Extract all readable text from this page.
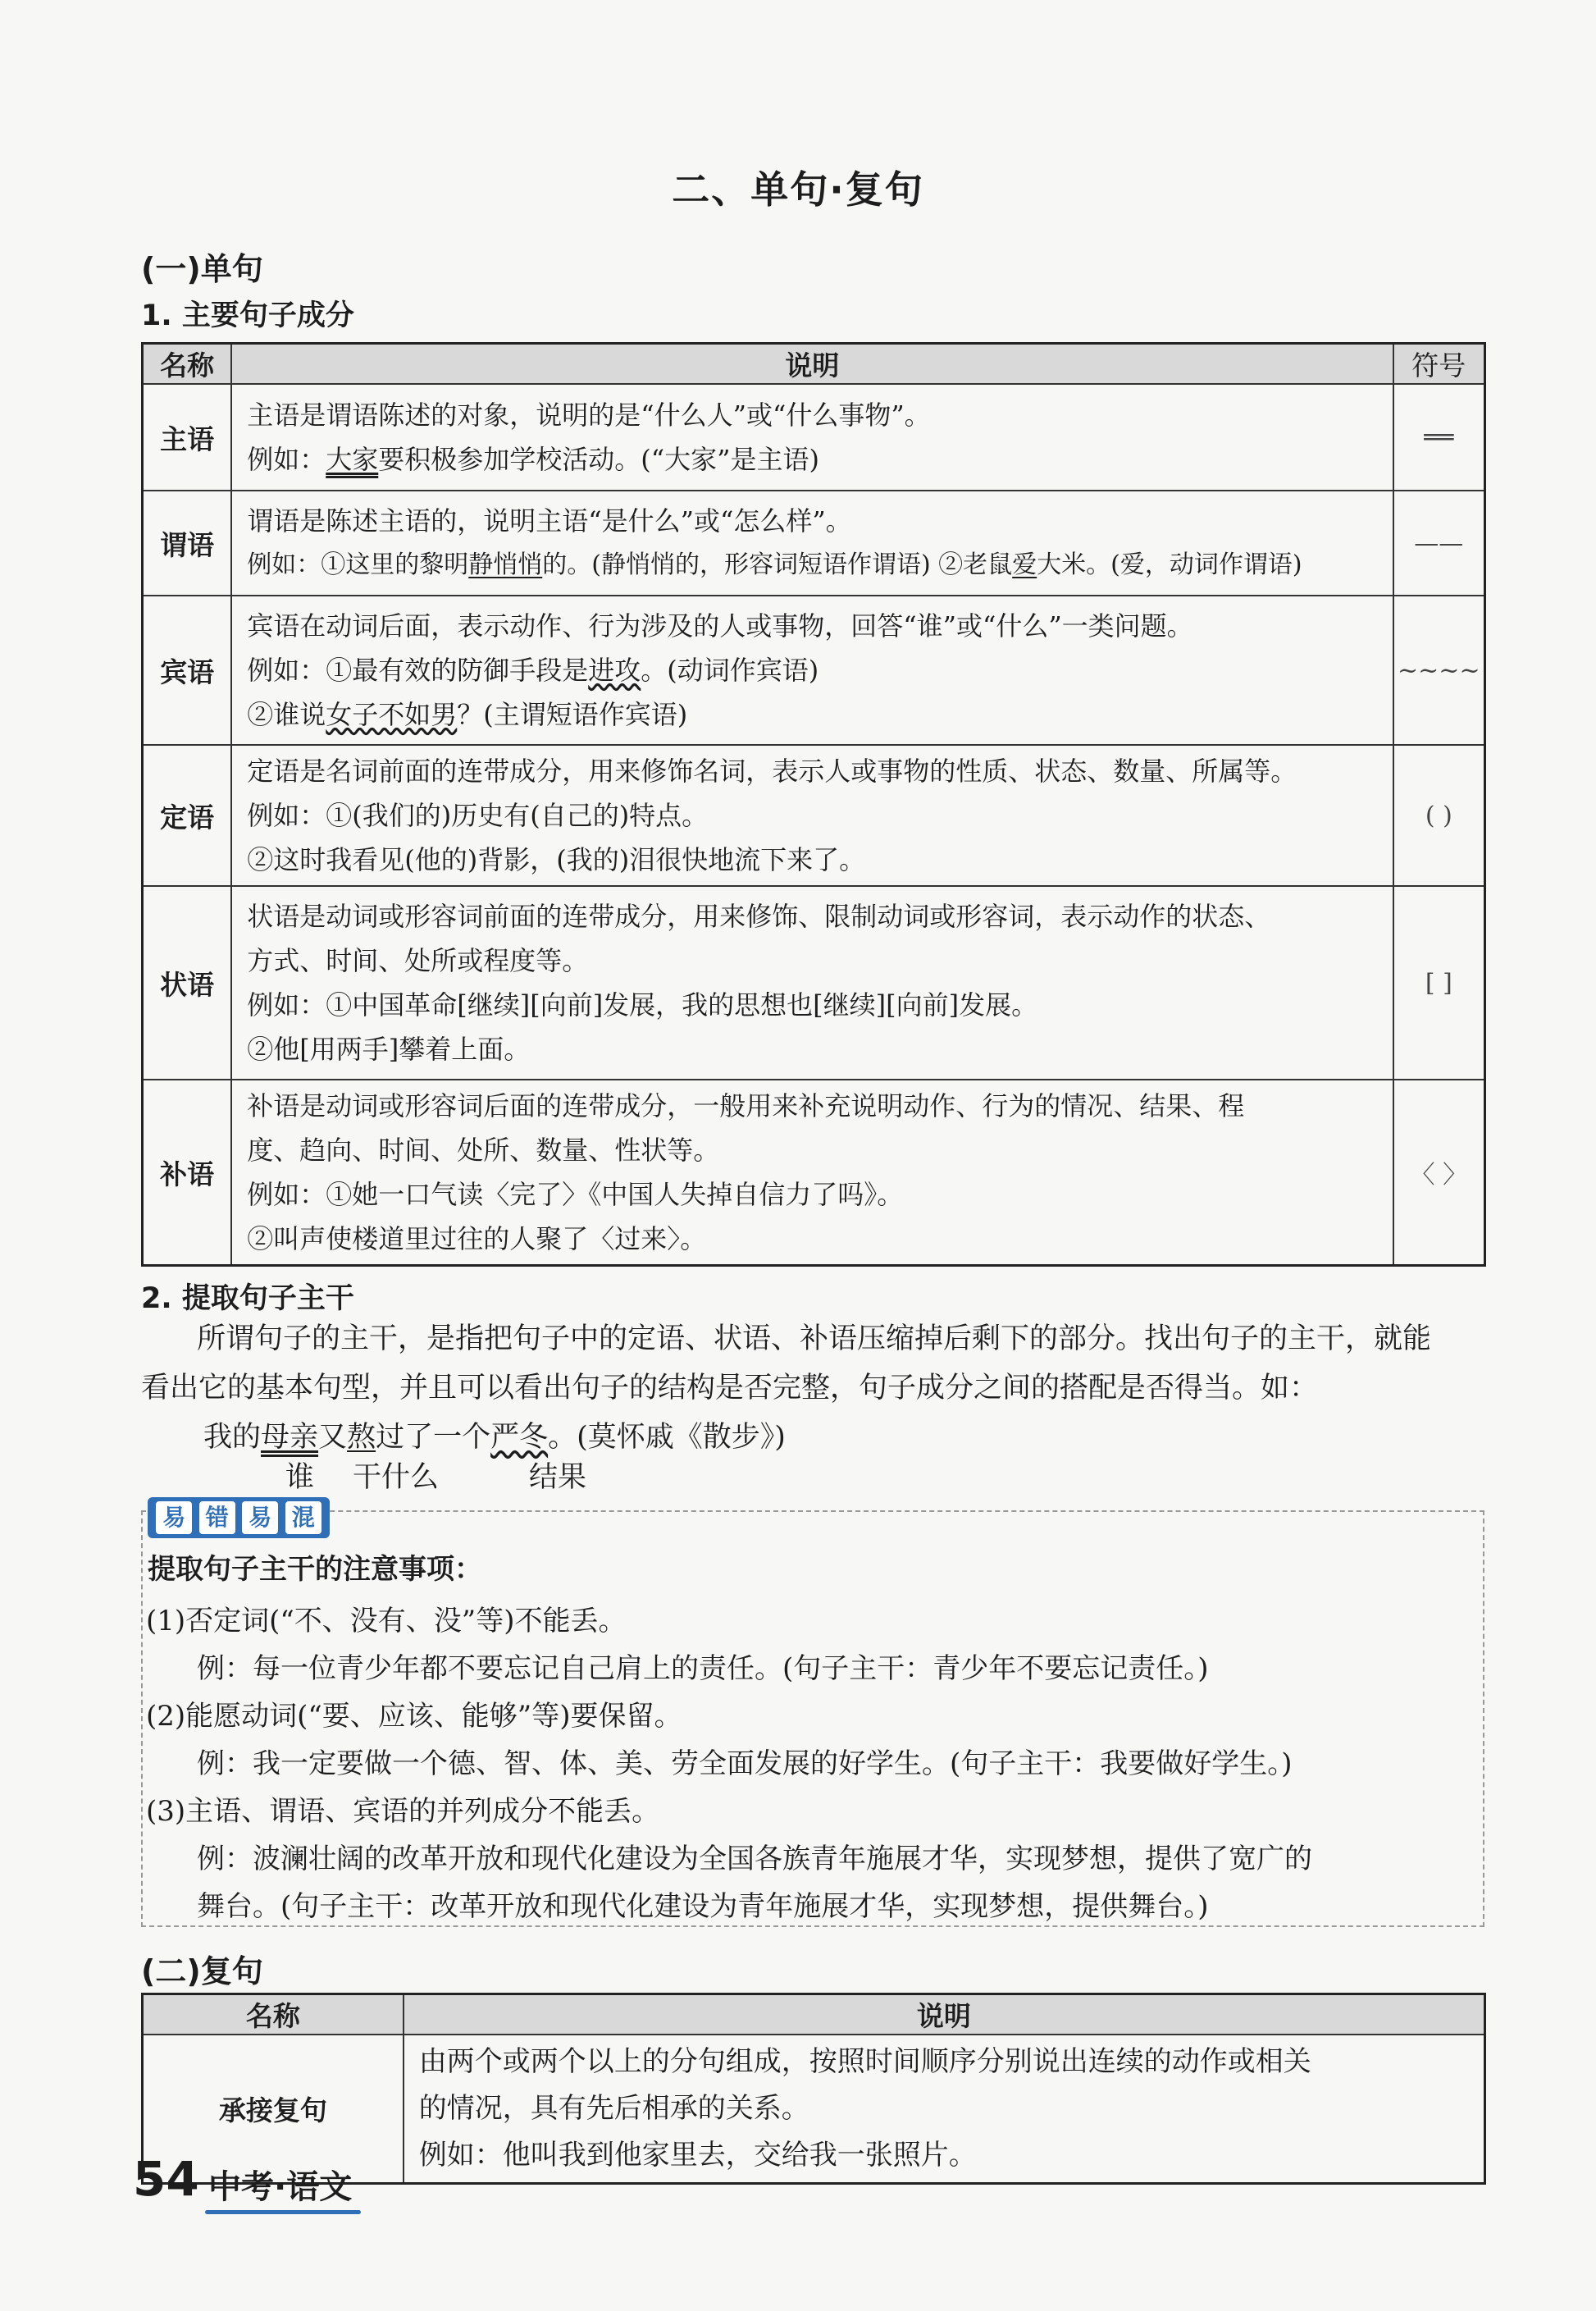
二、单句·复句
(一)单句
1. 主要句子成分
名称	说明	符号
主语	主语是谓语陈述的对象，说明的是“什么人”或“什么事物”。
例如：大家要积极参加学校活动。(“大家”是主语)	══
谓语	谓语是陈述主语的，说明主语“是什么”或“怎么样”。
例如：①这里的黎明静悄悄的。(静悄悄的，形容词短语作谓语) ②老鼠爱大米。(爱，动词作谓语)	——
宾语	宾语在动词后面，表示动作、行为涉及的人或事物，回答“谁”或“什么”一类问题。
例如：①最有效的防御手段是进攻。(动词作宾语)
②谁说女子不如男？(主谓短语作宾语)	~~~~
定语	定语是名词前面的连带成分，用来修饰名词，表示人或事物的性质、状态、数量、所属等。
例如：①(我们的)历史有(自己的)特点。
②这时我看见(他的)背影，(我的)泪很快地流下来了。	( )
状语	状语是动词或形容词前面的连带成分，用来修饰、限制动词或形容词，表示动作的状态、
方式、时间、处所或程度等。
例如：①中国革命[继续][向前]发展，我的思想也[继续][向前]发展。
②他[用两手]攀着上面。	[ ]
补语	补语是动词或形容词后面的连带成分，一般用来补充说明动作、行为的情况、结果、程
度、趋向、时间、处所、数量、性状等。
例如：①她一口气读〈完了〉《中国人失掉自信力了吗》。
②叫声使楼道里过往的人聚了〈过来〉。	〈 〉
2. 提取句子主干
所谓句子的主干，是指把句子中的定语、状语、补语压缩掉后剩下的部分。找出句子的主干，就能
看出它的基本句型，并且可以看出句子的结构是否完整，句子成分之间的搭配是否得当。如：
我的母亲又熬过了一个严冬。(莫怀戚《散步》)
谁 干什么	结果
易 错 易 混
提取句子主干的注意事项：
(1)否定词(“不、没有、没”等)不能丢。
例：每一位青少年都不要忘记自己肩上的责任。(句子主干：青少年不要忘记责任。)
(2)能愿动词(“要、应该、能够”等)要保留。
例：我一定要做一个德、智、体、美、劳全面发展的好学生。(句子主干：我要做好学生。)
(3)主语、谓语、宾语的并列成分不能丢。
例：波澜壮阔的改革开放和现代化建设为全国各族青年施展才华，实现梦想，提供了宽广的
舞台。(句子主干：改革开放和现代化建设为青年施展才华，实现梦想，提供舞台。)
(二)复句
名称	说明
承接复句	由两个或两个以上的分句组成，按照时间顺序分别说出连续的动作或相关
的情况，具有先后相承的关系。
例如：他叫我到他家里去，交给我一张照片。
54 中考·语文
